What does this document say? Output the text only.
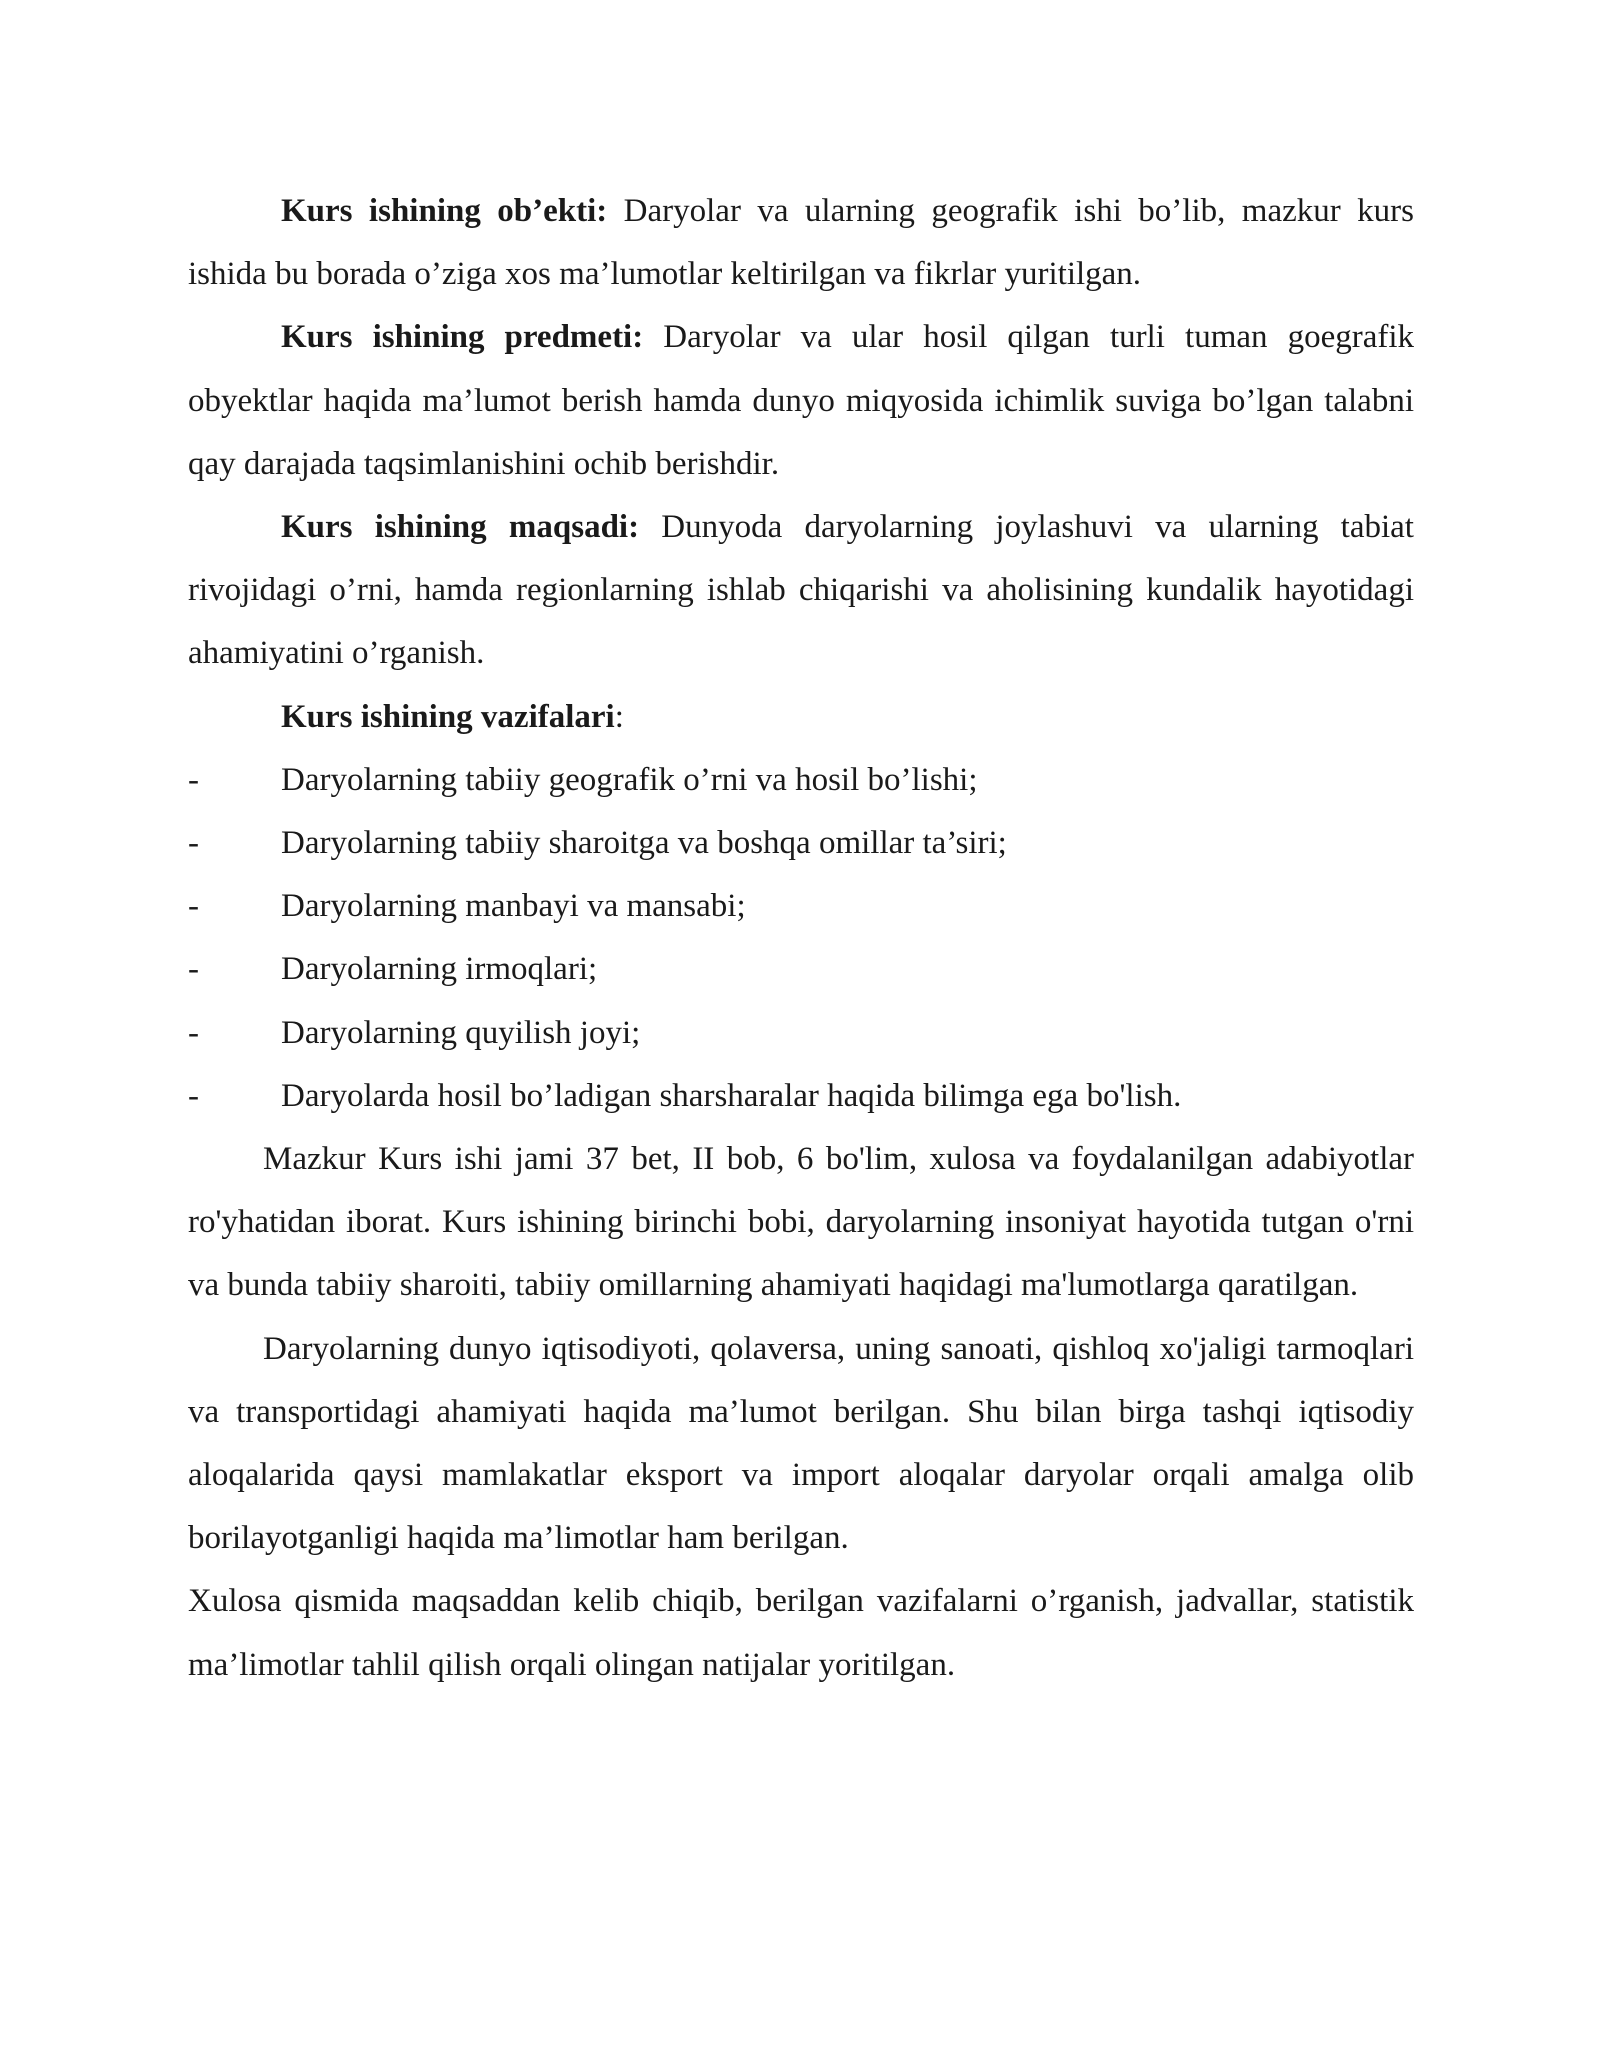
Kurs ishining ob’ekti: Daryolar va ularning geografik ishi bo’lib, mazkur kurs ishida bu borada o’ziga xos ma’lumotlar keltirilgan va fikrlar yuritilgan.

Kurs ishining predmeti: Daryolar va ular hosil qilgan turli tuman goegrafik obyektlar haqida ma’lumot berish hamda dunyo miqyosida ichimlik suviga bo’lgan talabni qay darajada taqsimlanishini ochib berishdir.

Kurs ishining maqsadi: Dunyoda daryolarning joylashuvi va ularning tabiat rivojidagi o’rni, hamda regionlarning ishlab chiqarishi va aholisining kundalik hayotidagi ahamiyatini o’rganish.

Kurs ishining vazifalari:

- Daryolarning tabiiy geografik o’rni va hosil bo’lishi;
- Daryolarning tabiiy sharoitga va boshqa omillar ta’siri;
- Daryolarning manbayi va mansabi;
- Daryolarning irmoqlari;
- Daryolarning quyilish joyi;
- Daryolarda hosil bo’ladigan sharsharalar haqida bilimga ega bo'lish.

Mazkur Kurs ishi jami 37 bet, II bob, 6 bo'lim, xulosa va foydalanilgan adabiyotlar ro'yhatidan iborat. Kurs ishining birinchi bobi, daryolarning insoniyat hayotida tutgan o'rni va bunda tabiiy sharoiti, tabiiy omillarning ahamiyati haqidagi ma'lumotlarga qaratilgan.

Daryolarning dunyo iqtisodiyoti, qolaversa, uning sanoati, qishloq xo'jaligi tarmoqlari va transportidagi ahamiyati haqida ma’lumot berilgan. Shu bilan birga tashqi iqtisodiy aloqalarida qaysi mamlakatlar eksport va import aloqalar daryolar orqali amalga olib borilayotganligi haqida ma’limotlar ham berilgan.

Xulosa qismida maqsaddan kelib chiqib, berilgan vazifalarni o’rganish, jadvallar, statistik ma’limotlar tahlil qilish orqali olingan natijalar yoritilgan.
